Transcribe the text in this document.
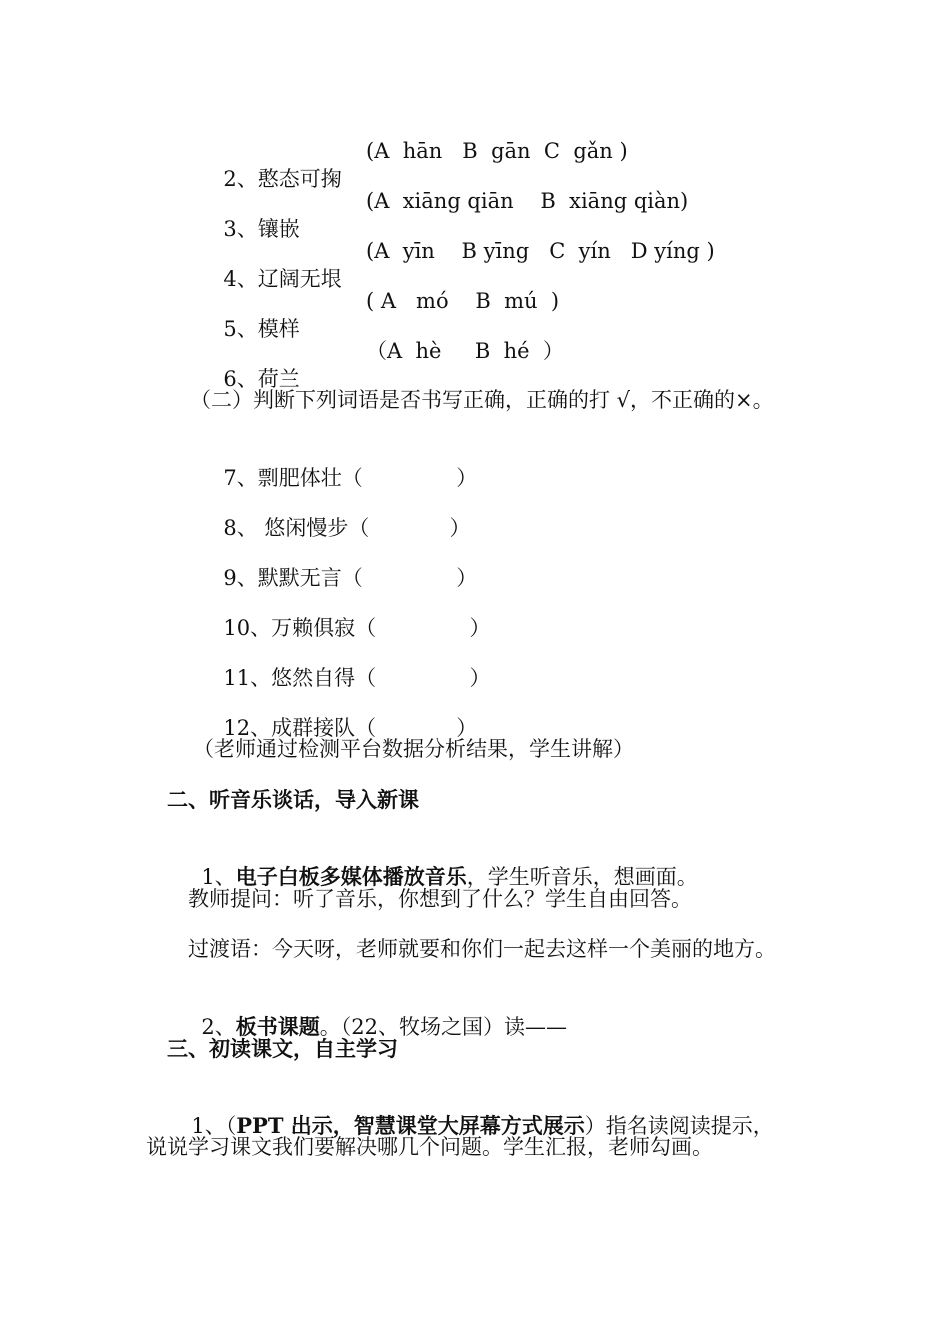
2、憨态可掬

(A  hān   B  gān  C  gǎn )

3、镶嵌

(A  xiāng qiān    B  xiāng qiàn)

4、辽阔无垠

(A  yīn    B yīng   C  yín   D yíng )

5、模样

( A   mó    B  mú  )

6、荷兰

（A  hè     B  hé  ）

（二）判断下列词语是否书写正确，正确的打 √，不正确的×。

7、剽肥体壮（              ）

8、 悠闲慢步（            ）

9、默默无言（              ）

10、万赖俱寂（              ）

11、悠然自得（              ）

12、成群接队（            ）

（老师通过检测平台数据分析结果，学生讲解）
二、听音乐谈话，导入新课

1、电子白板多媒体播放音乐，学生听音乐，想画面。

教师提问：听了音乐，你想到了什么？学生自由回答。
过渡语：今天呀，老师就要和你们一起去这样一个美丽的地方。

2、板书课题。（22、牧场之国）读——

三、初读课文，自主学习

1、（PPT 出示，智慧课堂大屏幕方式展示）指名读阅读提示，

说说学习课文我们要解决哪几个问题。学生汇报，老师勾画。
